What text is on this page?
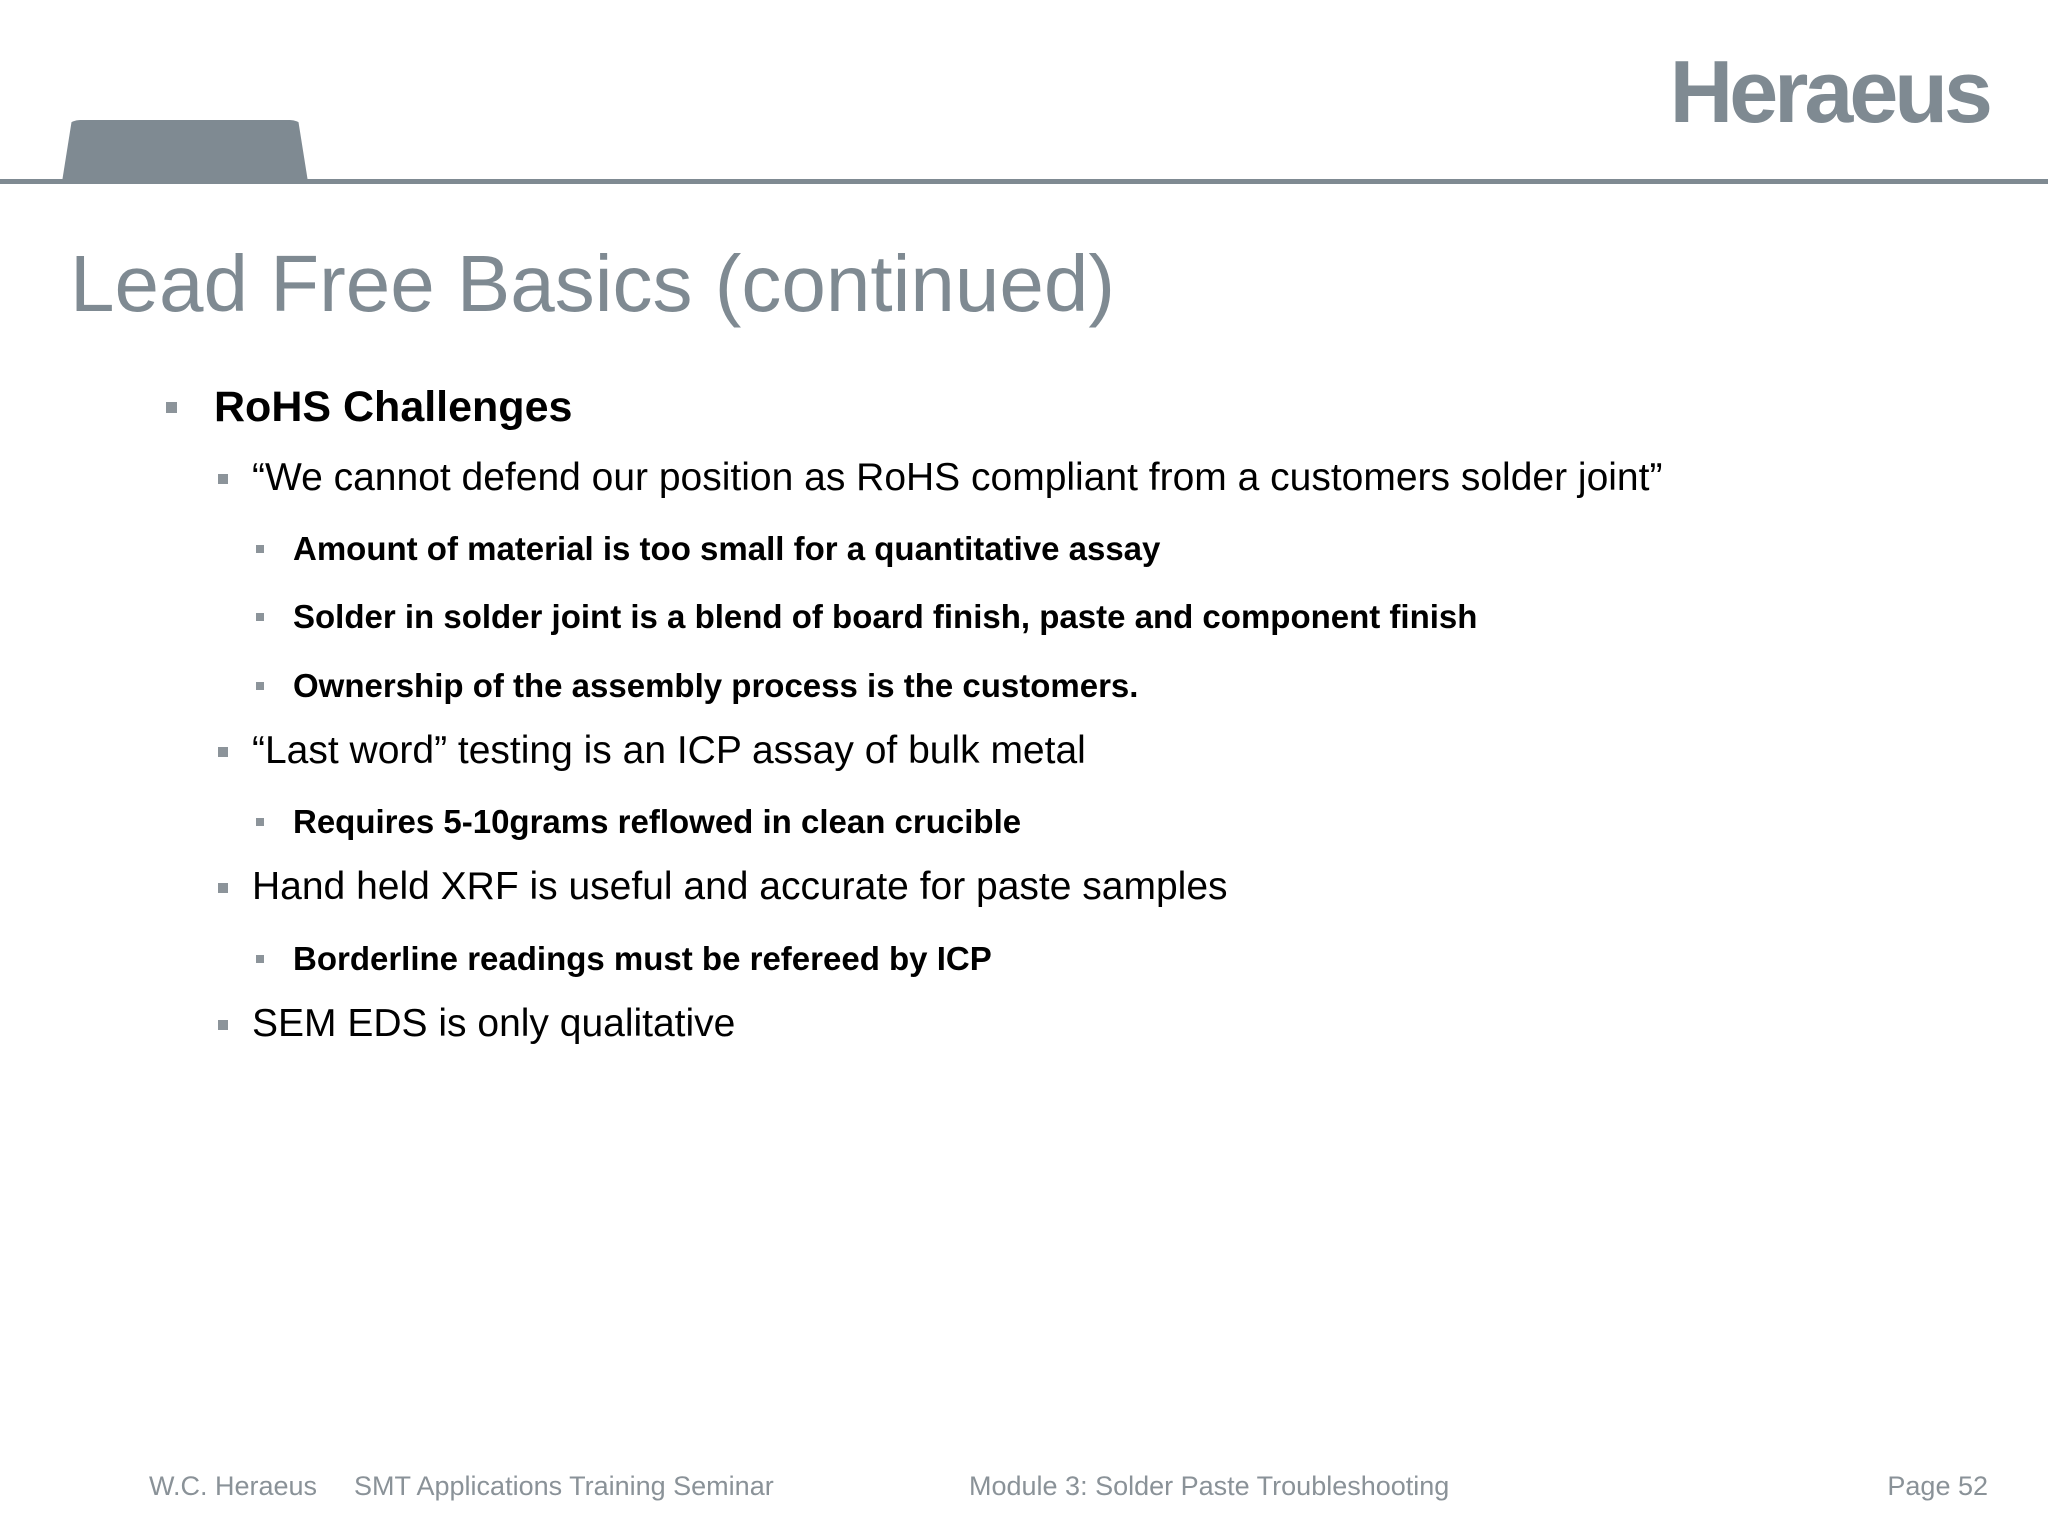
Heraeus
Lead Free Basics (continued)
RoHS Challenges
“We cannot defend our position as RoHS compliant from a customers solder joint”
Amount of material is too small for a quantitative assay
Solder in solder joint is a blend of board finish, paste and component finish
Ownership of the assembly process is the customers.
“Last word” testing is an ICP assay of bulk metal
Requires 5-10grams reflowed in clean crucible
Hand held XRF is useful and accurate for paste samples
Borderline readings must be refereed by ICP
SEM EDS is only qualitative

W.C. Heraeus SMT Applications Training Seminar	Module 3: Solder Paste Troubleshooting	Page 52
